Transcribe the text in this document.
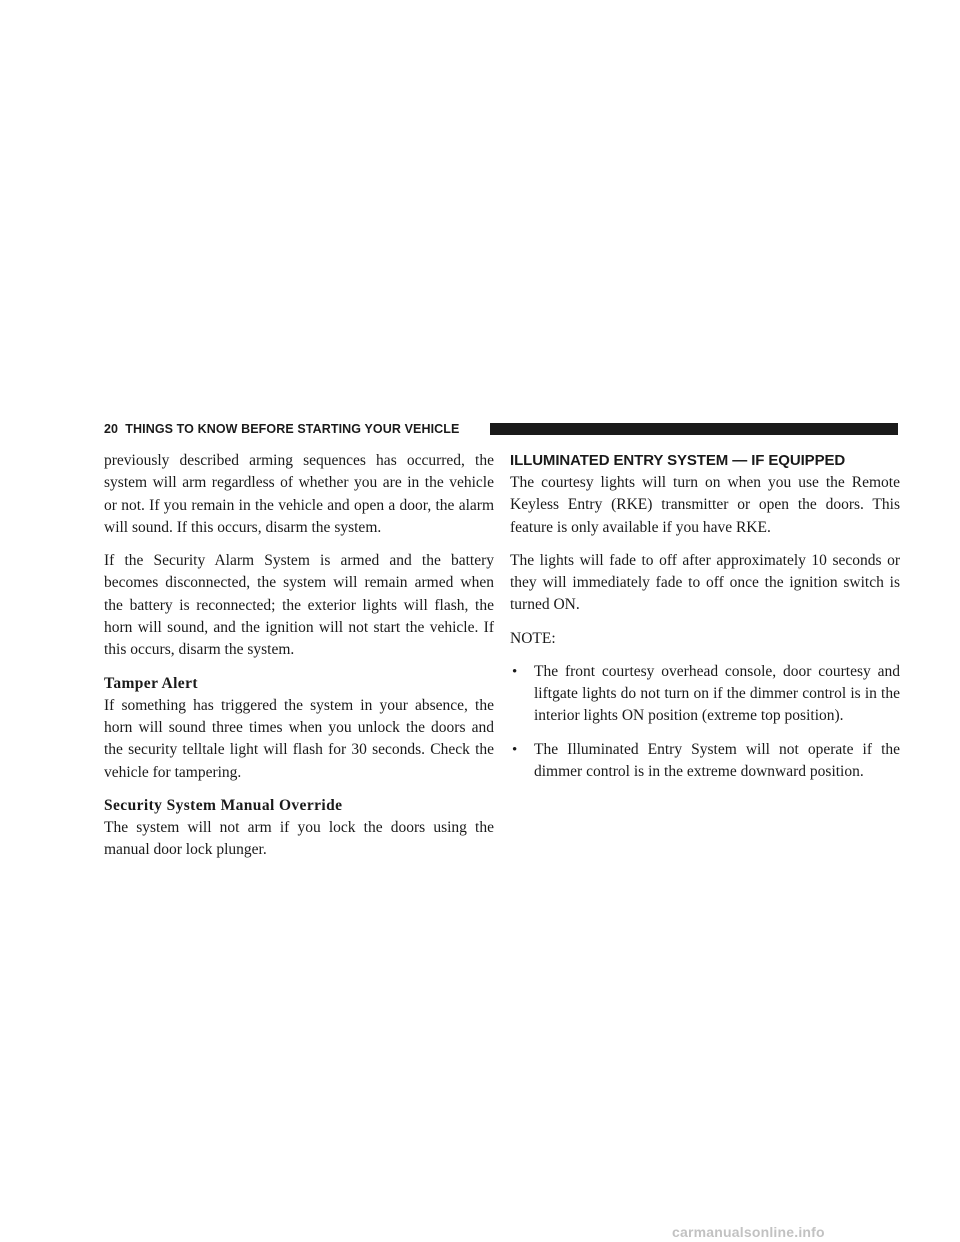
20 THINGS TO KNOW BEFORE STARTING YOUR VEHICLE

previously described arming sequences has occurred, the system will arm regardless of whether you are in the vehicle or not. If you remain in the vehicle and open a door, the alarm will sound. If this occurs, disarm the system.

If the Security Alarm System is armed and the battery becomes disconnected, the system will remain armed when the battery is reconnected; the exterior lights will flash, the horn will sound, and the ignition will not start the vehicle. If this occurs, disarm the system.

Tamper Alert

If something has triggered the system in your absence, the horn will sound three times when you unlock the doors and the security telltale light will flash for 30 seconds. Check the vehicle for tampering.

Security System Manual Override

The system will not arm if you lock the doors using the manual door lock plunger.

ILLUMINATED ENTRY SYSTEM — IF EQUIPPED

The courtesy lights will turn on when you use the Remote Keyless Entry (RKE) transmitter or open the doors. This feature is only available if you have RKE.

The lights will fade to off after approximately 10 seconds or they will immediately fade to off once the ignition switch is turned ON.

NOTE:

• The front courtesy overhead console, door courtesy and liftgate lights do not turn on if the dimmer control is in the interior lights ON position (extreme top position).
• The Illuminated Entry System will not operate if the dimmer control is in the extreme downward position.
carmanualsonline.info
